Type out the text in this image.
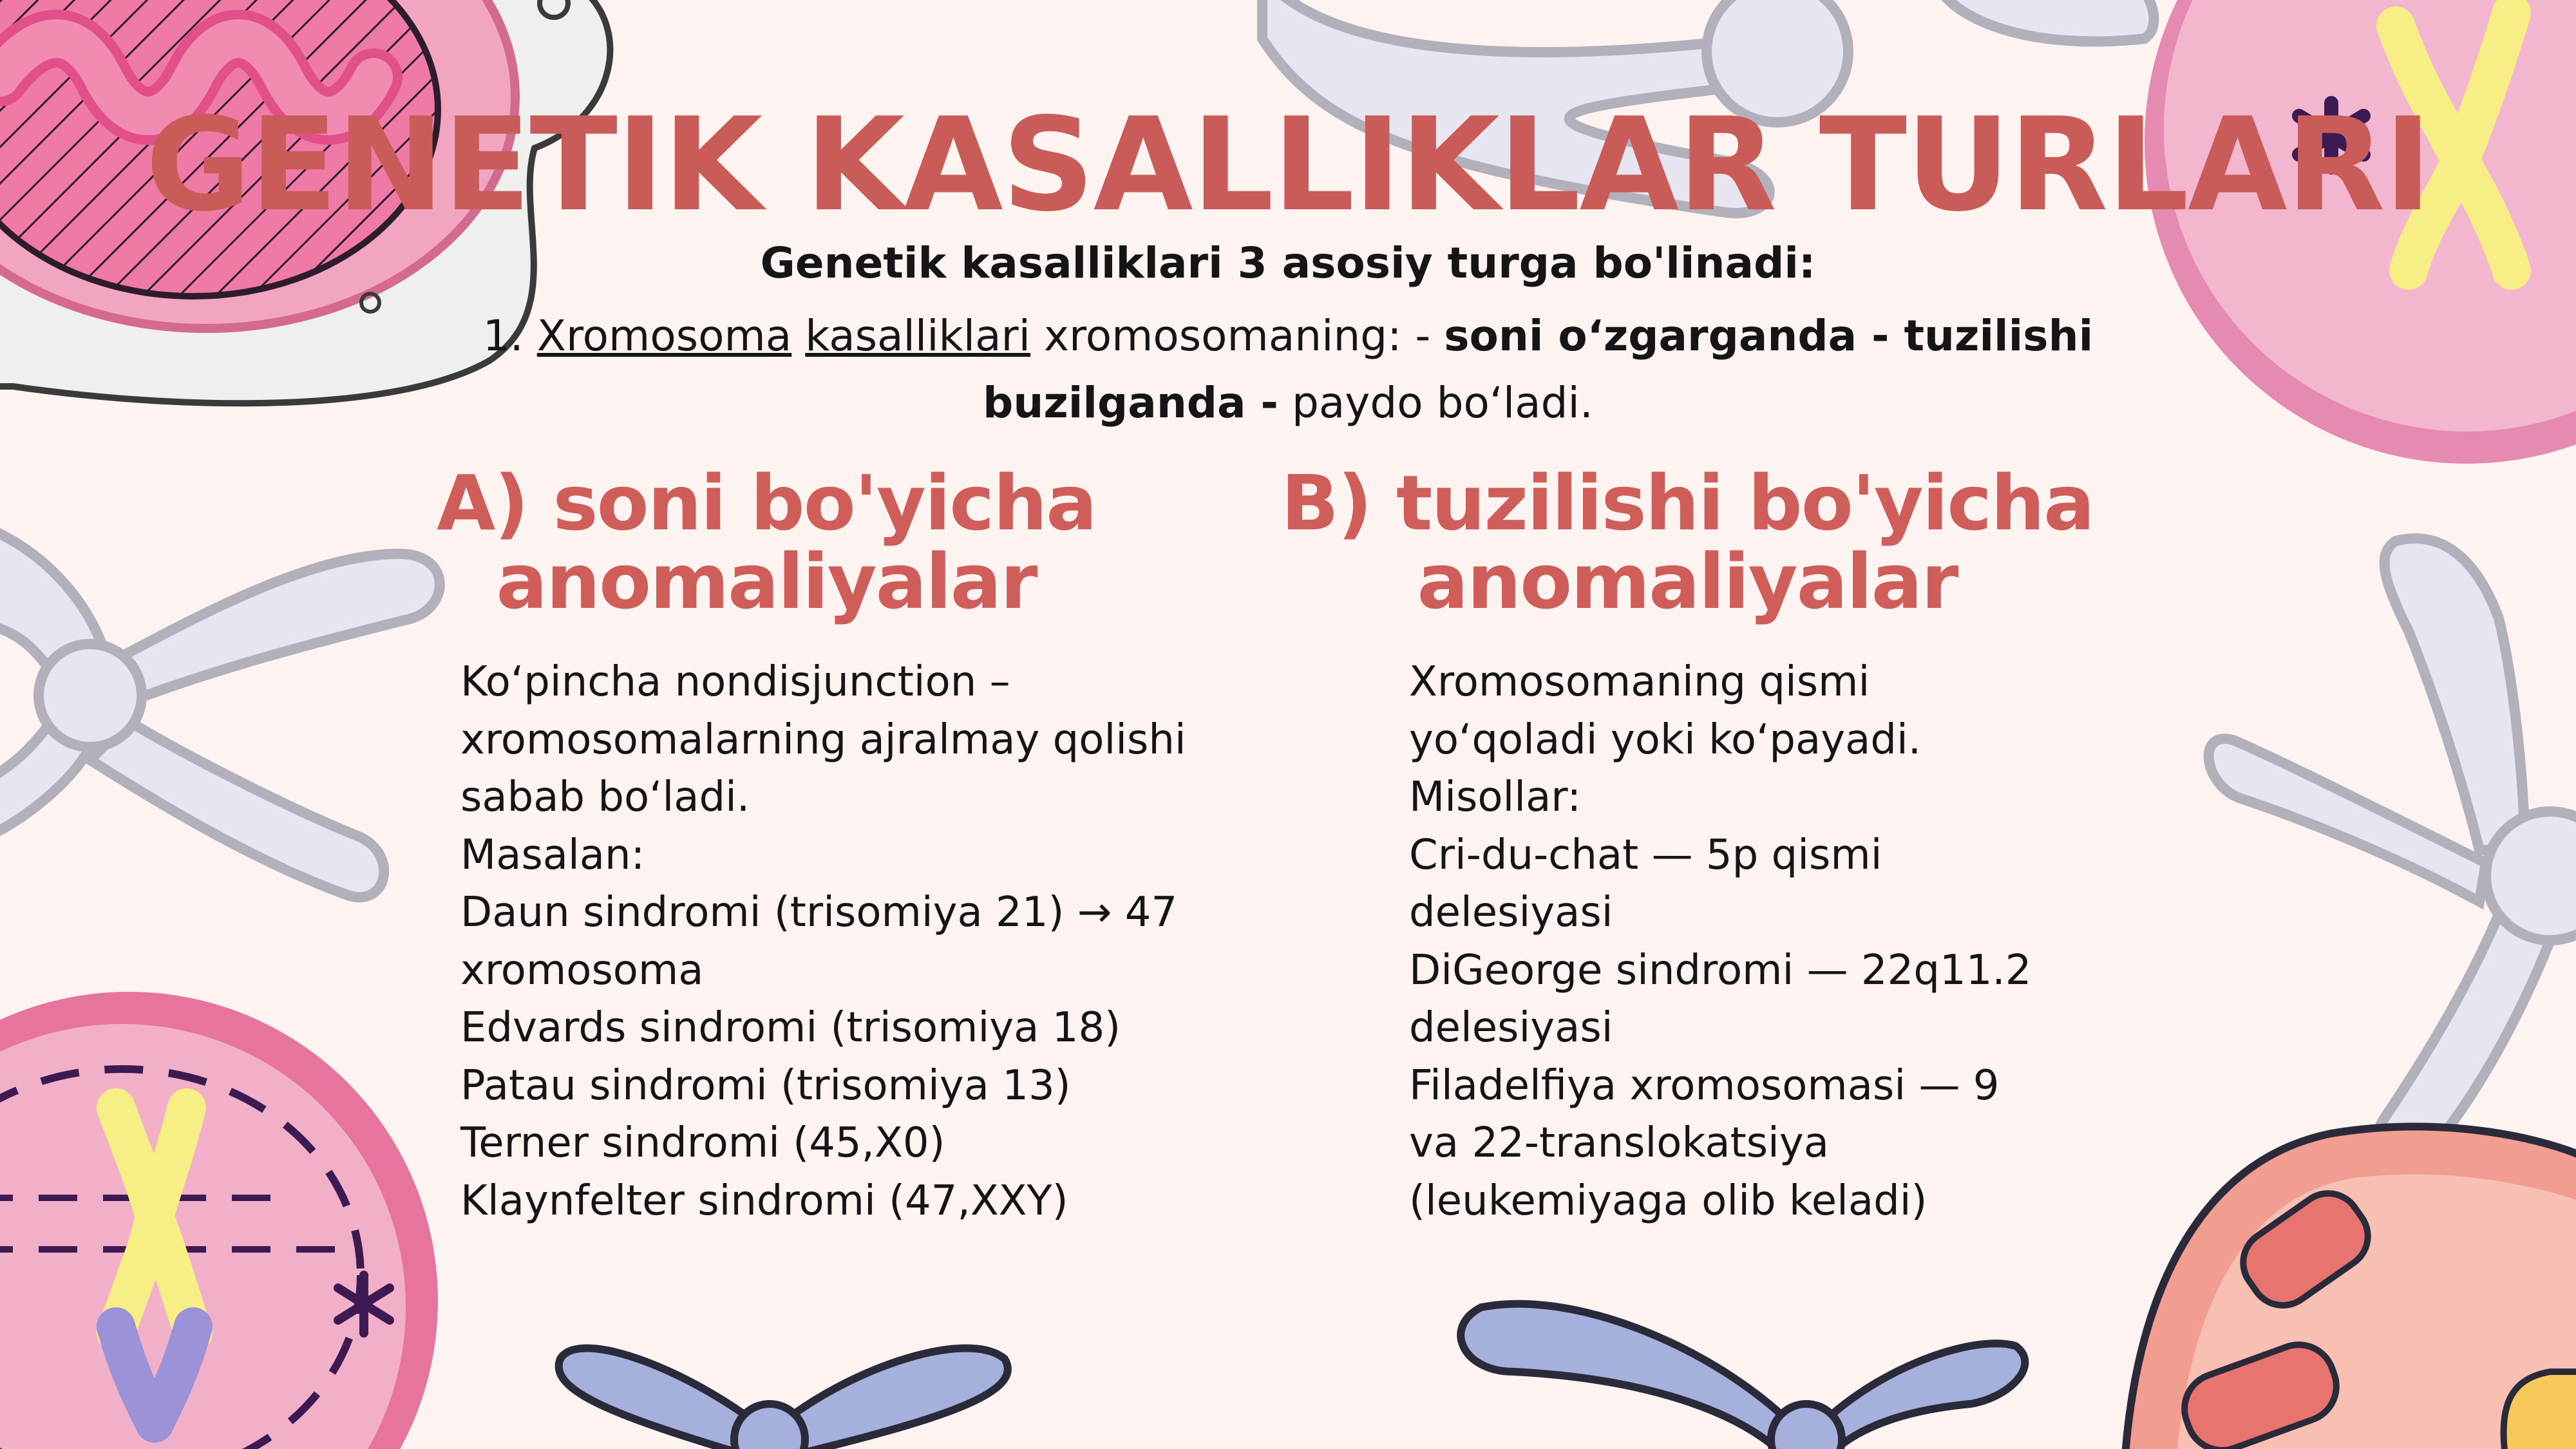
GENETIK KASALLIKLAR TURLARI
Genetik kasalliklari 3 asosiy turga bo'linadi:
1. Xromosoma kasalliklari xromosomaning: - soni o‘zgarganda - tuzilishi buzilganda - paydo bo‘ladi.
A) soni bo'yicha
anomaliyalar
B) tuzilishi bo'yicha
anomaliyalar
Ko‘pincha nondisjunction –
xromosomalarning ajralmay qolishi
sabab bo‘ladi.
Masalan:
Daun sindromi (trisomiya 21) → 47
xromosoma
Edvards sindromi (trisomiya 18)
Patau sindromi (trisomiya 13)
Terner sindromi (45,X0)
Klaynfelter sindromi (47,XXY)
Xromosomaning qismi
yo‘qoladi yoki ko‘payadi.
Misollar:
Cri-du-chat — 5p qismi
delesiyasi
DiGeorge sindromi — 22q11.2
delesiyasi
Filadelfiya xromosomasi — 9
va 22-translokatsiya
(leukemiyaga olib keladi)
